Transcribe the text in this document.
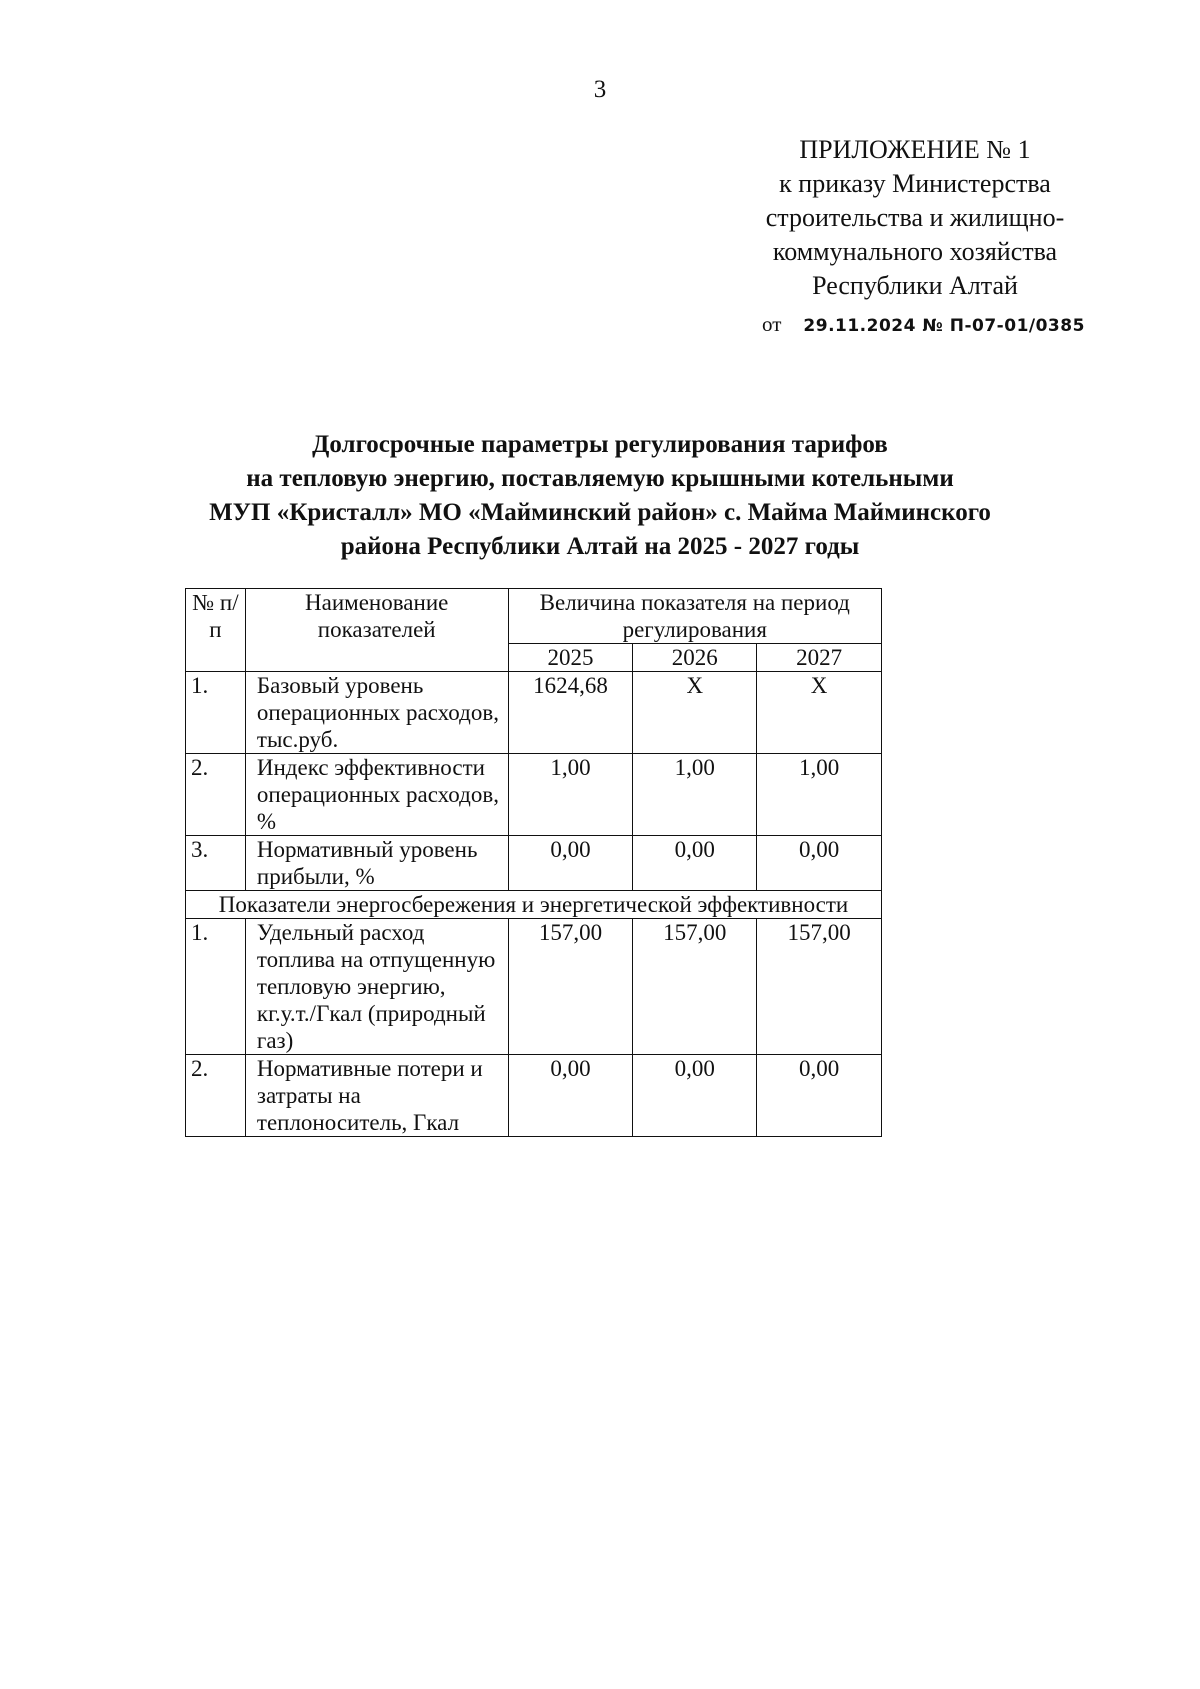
3
ПРИЛОЖЕНИЕ № 1
к приказу Министерства
строительства и жилищно-
коммунального хозяйства
Республики Алтай
от 29.11.2024 № П-07-01/0385
Долгосрочные параметры регулирования тарифов
на тепловую энергию, поставляемую крышными котельными
МУП «Кристалл» МО «Майминский район» с. Майма Майминского
района Республики Алтай на 2025 - 2027 годы
№ п/п	Наименование показателей	Величина показателя на период регулирования		
		2025	2026	2027
1.	Базовый уровень операционных расходов, тыс.руб.	1624,68	Х	Х
2.	Индекс эффективности операционных расходов, %	1,00	1,00	1,00
3.	Нормативный уровень прибыли, %	0,00	0,00	0,00
Показатели энергосбережения и энергетической эффективности				
1.	Удельный расход топлива на отпущенную тепловую энергию, кг.у.т./Гкал (природный газ)	157,00	157,00	157,00
2.	Нормативные потери и затраты на теплоноситель, Гкал	0,00	0,00	0,00
